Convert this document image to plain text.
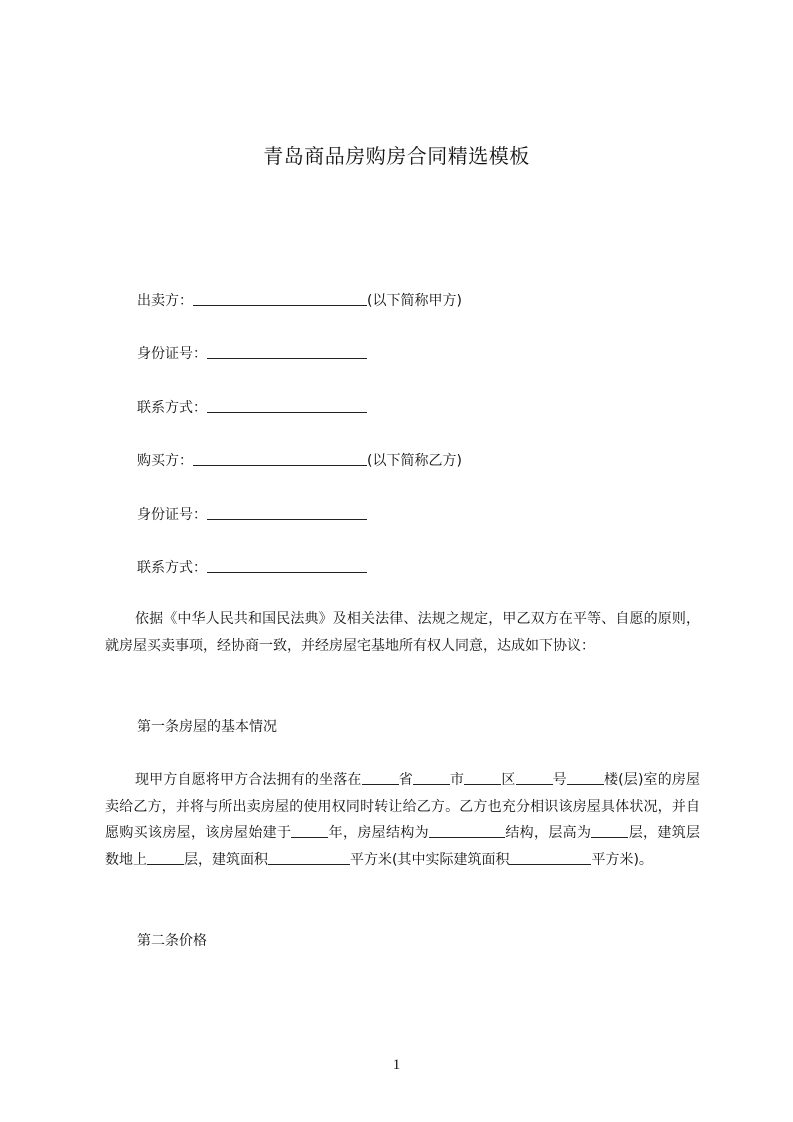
青岛商品房购房合同精选模板
出卖方：	(以下简称甲方)
身份证号：
联系方式：
购买方：	(以下简称乙方)
身份证号：
联系方式：

依据《中华人民共和国民法典》及相关法律、法规之规定，甲乙双方在平等、自愿的原则，就房屋买卖事项，经协商一致，并经房屋宅基地所有权人同意，达成如下协议：

第一条房屋的基本情况

现甲方自愿将甲方合法拥有的坐落在	省	市	区	号	楼(层)室的房屋卖给乙方，并将与所出卖房屋的使用权同时转让给乙方。乙方也充分相识该房屋具体状况，并自愿购买该房屋，该房屋始建于	年，房屋结构为	结构，层高为	层，建筑层数地上	层，建筑面积	平方米(其中实际建筑面积	平方米)。

第二条价格
1
